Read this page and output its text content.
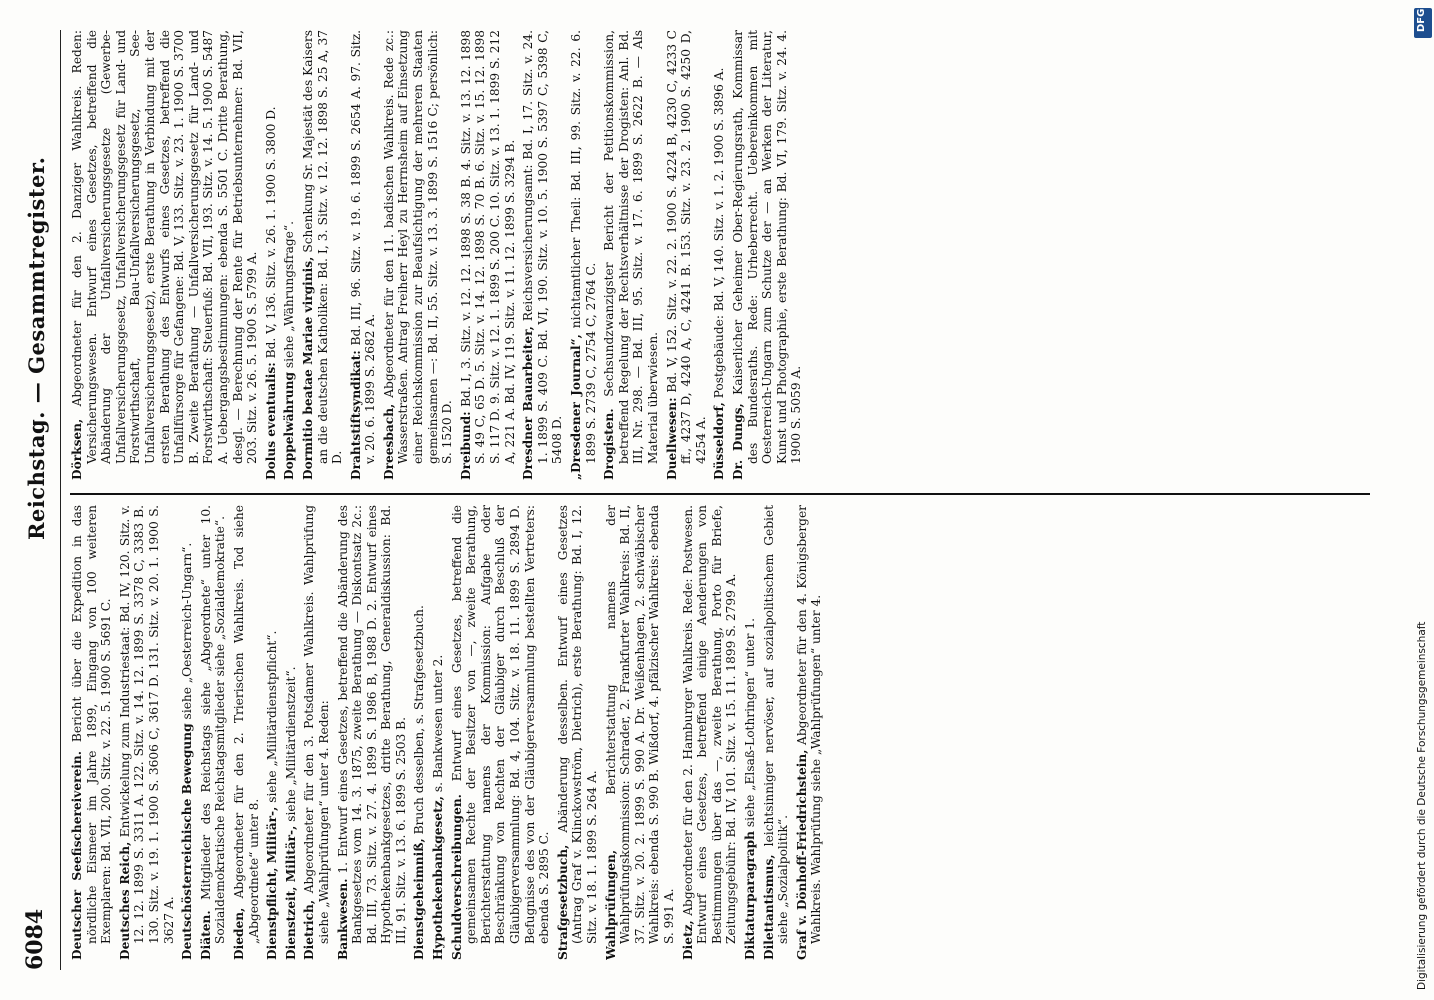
6084
Reichstag. — Gesammtregister.

Deutscher Seefischereiverein. Bericht über die Expedition in das nördliche Eismeer im Jahre 1899, Eingang von 100 weiteren Exemplaren: Bd. VII, 200. Sitz. v. 22. 5. 1900 S. 5691 C. Deutsches Reich, Entwickelung zum Industriestaat: Bd. IV, 120. Sitz. v. 12. 12. 1899 S. 3311 A. 122. Sitz. v. 14. 12. 1899 S. 3378 C, 3383 B. 130. Sitz. v. 19. 1. 1900 S. 3606 C, 3617 D. 131. Sitz. v. 20. 1. 1900 S. 3627 A. Deutschösterreichische Bewegung siehe „Oesterreich-Ungarn“.

Diäten. Mitglieder des Reichstags siehe „Abgeordnete“ unter 10. Sozialdemokratische Reichstagsmitglieder siehe „Sozialdemokratie“. Dieden, Abgeordneter für den 2. Trierischen Wahlkreis. Tod siehe „Abgeordnete“ unter 8. Dienstpflicht, Militär-, siehe „Militärdienstpflicht“.

Dienstzeit, Militär-, siehe „Militärdienstzeit“.

Dietrich, Abgeordneter für den 3. Potsdamer Wahlkreis. Wahlprüfung siehe „Wahlprüfungen“ unter 4. Reden: Bankwesen. 1. Entwurf eines Gesetzes, betreffend die Abänderung des Bankgesetzes vom 14. 3. 1875, zweite Berathung — Diskontsatz 2c.: Bd. III, 73. Sitz. v. 27. 4. 1899 S. 1986 B, 1988 D. 2. Entwurf eines Hypothekenbankgesetzes, dritte Berathung, Generaldiskussion: Bd. III, 91. Sitz. v. 13. 6. 1899 S. 2503 B. Dienstgeheimniß, Bruch desselben, s. Strafgesetzbuch.

Hypothekenbankgesetz, s. Bankwesen unter 2.

Schuldverschreibungen. Entwurf eines Gesetzes, betreffend die gemeinsamen Rechte der Besitzer von —, zweite Berathung, Berichterstattung namens der Kommission: Aufgabe oder Beschränkung von Rechten der Gläubiger durch Beschluß der Gläubigerversammlung: Bd. 4, 104. Sitz. v. 18. 11. 1899 S. 2894 D. Befugnisse des von der Gläubigerversammlung bestellten Vertreters: ebenda S. 2895 C. Strafgesetzbuch, Abänderung desselben. Entwurf eines Gesetzes (Antrag Graf v. Klinckowström, Dietrich), erste Berathung: Bd. I, 12. Sitz. v. 18. 1. 1899 S. 264 A. Wahlprüfungen, Berichterstattung namens der Wahlprüfungskommission: Schrader, 2. Frankfurter Wahlkreis: Bd. II, 37. Sitz. v. 20. 2. 1899 S. 990 A. Dr. Weißenhagen, 2. schwäbischer Wahlkreis: ebenda S. 990 B. Wißdorf, 4. pfälzischer Wahlkreis: ebenda S. 991 A. Dietz, Abgeordneter für den 2. Hamburger Wahlkreis. Rede: Postwesen. Entwurf eines Gesetzes, betreffend einige Aenderungen von Bestimmungen über das —, zweite Berathung, Porto für Briefe, Zeitungsgebühr: Bd. IV, 101. Sitz. v. 15. 11. 1899 S. 2799 A. Diktaturparagraph siehe „Elsaß-Lothringen“ unter 1.

Dilettantismus, leichtsinniger nervöser, auf sozialpolitischem Gebiet siehe „Sozialpolitik“. Graf v. Dönhoff-Friedrichstein, Abgeordneter für den 4. Königsberger Wahlkreis. Wahlprüfung siehe „Wahlprüfungen“ unter 4.

Dörksen, Abgeordneter für den 2. Danziger Wahlkreis. Reden: Versicherungswesen. Entwurf eines Gesetzes, betreffend die Abänderung der Unfallversicherungsgesetze (Gewerbe-Unfallversicherungsgesetz, Unfallversicherungsgesetz für Land- und Forstwirthschaft, Bau-Unfallversicherungsgesetz, See-Unfallversicherungsgesetz), erste Berathung in Verbindung mit der ersten Berathung des Entwurfs eines Gesetzes, betreffend die Unfallfürsorge für Gefangene: Bd. V, 133. Sitz. v. 23. 1. 1900 S. 3700 B. Zweite Berathung — Unfallversicherungsgesetz für Land- und Forstwirthschaft: Steuerfuß: Bd. VII, 193. Sitz. v. 14. 5. 1900 S. 5487 A. Uebergangsbestimmungen: ebenda S. 5501 C. Dritte Berathung, desgl. — Berechnung der Rente für Betriebsunternehmer: Bd. VII, 203. Sitz. v. 26. 5. 1900 S. 5799 A. Dolus eventualis: Bd. V, 136. Sitz. v. 26. 1. 1900 S. 3800 D.

Doppelwährung siehe „Währungsfrage“. Dormitio beatae Mariae virginis, Schenkung Sr. Majestät des Kaisers an die deutschen Katholiken: Bd. I, 3. Sitz. v. 12. 12. 1898 S. 25 A, 37 D. Drahtstiftsyndikat: Bd. III, 96. Sitz. v. 19. 6. 1899 S. 2654 A. 97. Sitz. v. 20. 6. 1899 S. 2682 A. Dreesbach, Abgeordneter für den 11. badischen Wahlkreis. Rede zc.: Wasserstraßen. Antrag Freiherr Heyl zu Herrnsheim auf Einsetzung einer Reichskommission zur Beaufsichtigung der mehreren Staaten gemeinsamen —: Bd. II, 55. Sitz. v. 13. 3. 1899 S. 1516 C; persönlich: S. 1520 D. Dreibund: Bd. I, 3. Sitz. v. 12. 12. 1898 S. 38 B. 4. Sitz. v. 13. 12. 1898 S. 49 C, 65 D. 5. Sitz. v. 14. 12. 1898 S. 70 B. 6. Sitz. v. 15. 12. 1898 S. 117 D. 9. Sitz. v. 12. 1. 1899 S. 200 C. 10. Sitz. v. 13. 1. 1899 S. 212 A, 221 A. Bd. IV, 119. Sitz. v. 11. 12. 1899 S. 3294 B. Dresdner Bauarbeiter, Reichsversicherungsamt: Bd. I, 17. Sitz. v. 24. 1. 1899 S. 409 C. Bd. VI, 190. Sitz. v. 10. 5. 1900 S. 5397 C, 5398 C, 5408 D. „Dresdener Journal“, nichtamtlicher Theil: Bd. III, 99. Sitz. v. 22. 6. 1899 S. 2739 C, 2754 C, 2764 C. Drogisten. Sechsundzwanzigster Bericht der Petitionskommission, betreffend Regelung der Rechtsverhältnisse der Drogisten: Anl. Bd. III, Nr. 298. — Bd. III, 95. Sitz. v. 17. 6. 1899 S. 2622 B. — Als Material überwiesen. Duellwesen: Bd. V, 152. Sitz. v. 22. 2. 1900 S. 4224 B, 4230 C, 4233 C ff., 4237 D, 4240 A, C, 4241 B. 153. Sitz. v. 23. 2. 1900 S. 4250 D, 4254 A. Düsseldorf, Postgebäude: Bd. V, 140. Sitz. v. 1. 2. 1900 S. 3896 A.

Dr. Dungs, Kaiserlicher Geheimer Ober-Regierungsrath, Kommissar des Bundesraths. Rede: Urheberrecht. Uebereinkommen mit Oesterreich-Ungarn zum Schutze der — an Werken der Literatur, Kunst und Photographie, erste Berathung: Bd. VI, 179. Sitz. v. 24. 4. 1900 S. 5059 A.

Digitalisierung gefördert durch die Deutsche Forschungsgemeinschaft
DFG
